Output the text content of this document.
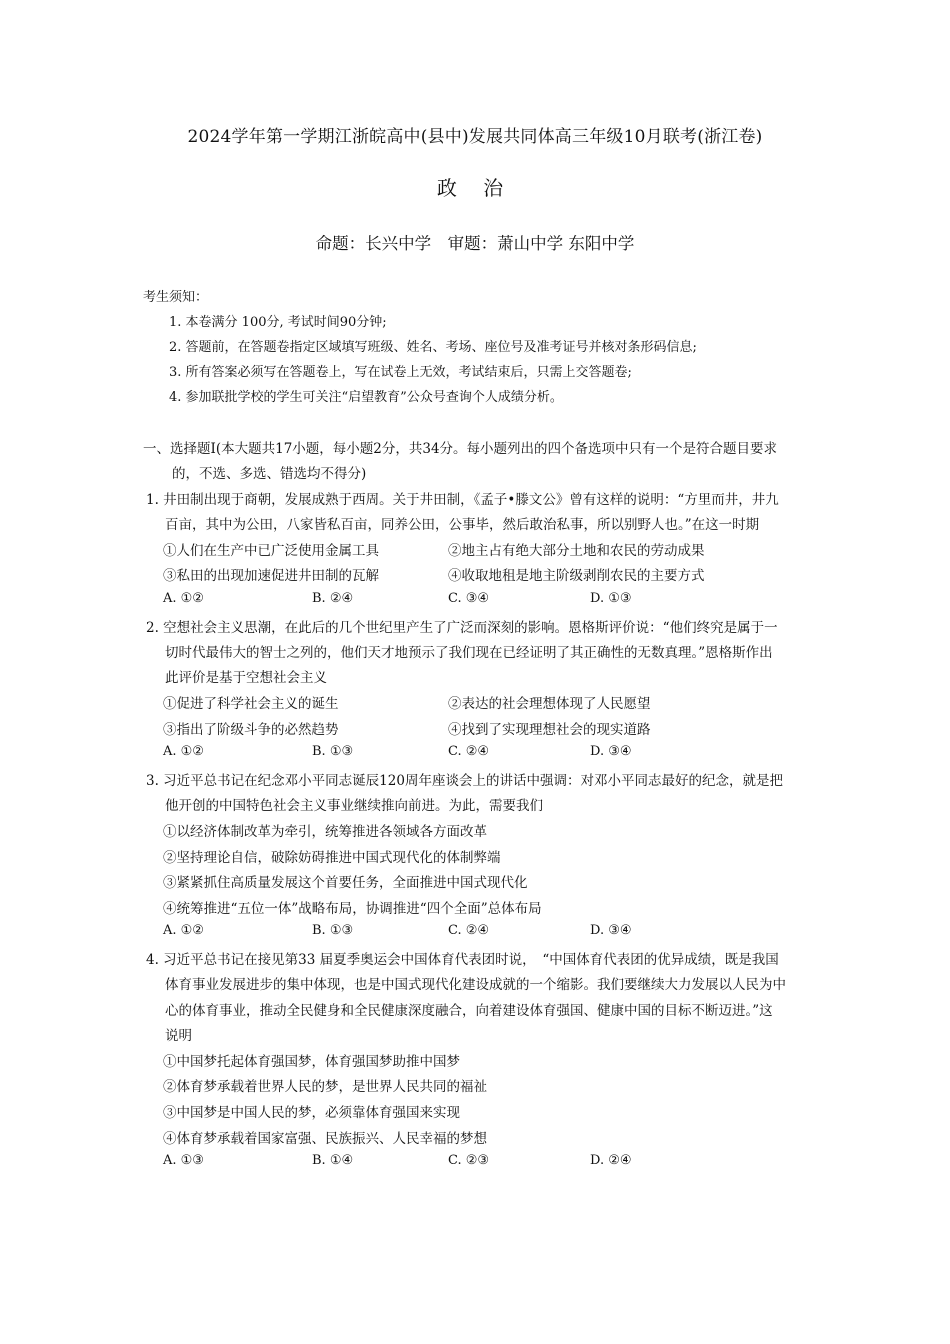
2024学年第一学期江浙皖高中(县中)发展共同体高三年级10月联考(浙江卷)
政 治
命题：长兴中学　审题：萧山中学 东阳中学
考生须知：
1. 本卷满分 100分, 考试时间90分钟;
2. 答题前，在答题卷指定区域填写班级、姓名、考场、座位号及准考证号并核对条形码信息;
3. 所有答案必须写在答题卷上，写在试卷上无效，考试结束后，只需上交答题卷;
4. 参加联批学校的学生可关注“启望教育”公众号查询个人成绩分析。
一、选择题Ⅰ(本大题共17小题，每小题2分，共34分。每小题列出的四个备选项中只有一个是符合题目要求
的，不选、多选、错选均不得分)
1. 井田制出现于商朝，发展成熟于西周。关于井田制，《孟子•滕文公》曾有这样的说明：“方里而井，井九
百亩，其中为公田，八家皆私百亩，同养公田，公事毕，然后敢治私事，所以别野人也。”在这一时期
①人们在生产中已广泛使用金属工具	②地主占有绝大部分土地和农民的劳动成果
③私田的出现加速促进井田制的瓦解	④收取地租是地主阶级剥削农民的主要方式
A. ①②	B. ②④	C. ③④	D. ①③
2. 空想社会主义思潮，在此后的几个世纪里产生了广泛而深刻的影响。恩格斯评价说：“他们终究是属于一
切时代最伟大的智士之列的，他们天才地预示了我们现在已经证明了其正确性的无数真理。”恩格斯作出
此评价是基于空想社会主义
①促进了科学社会主义的诞生	②表达的社会理想体现了人民愿望
③指出了阶级斗争的必然趋势	④找到了实现理想社会的现实道路
A. ①②	B. ①③	C. ②④	D. ③④
3. 习近平总书记在纪念邓小平同志诞辰120周年座谈会上的讲话中强调：对邓小平同志最好的纪念，就是把
他开创的中国特色社会主义事业继续推向前进。为此，需要我们
①以经济体制改革为牵引，统筹推进各领域各方面改革
②坚持理论自信，破除妨碍推进中国式现代化的体制弊端
③紧紧抓住高质量发展这个首要任务，全面推进中国式现代化
④统筹推进“五位一体”战略布局，协调推进“四个全面”总体布局
A. ①②	B. ①③	C. ②④	D. ③④
4. 习近平总书记在接见第33 届夏季奥运会中国体育代表团时说，　“中国体育代表团的优异成绩，既是我国
体育事业发展进步的集中体现，也是中国式现代化建设成就的一个缩影。我们要继续大力发展以人民为中
心的体育事业，推动全民健身和全民健康深度融合，向着建设体育强国、健康中国的目标不断迈进。”这
说明
①中国梦托起体育强国梦，体育强国梦助推中国梦
②体育梦承载着世界人民的梦，是世界人民共同的福祉
③中国梦是中国人民的梦，必须靠体育强国来实现
④体育梦承载着国家富强、民族振兴、人民幸福的梦想
A. ①③	B. ①④	C. ②③	D. ②④
